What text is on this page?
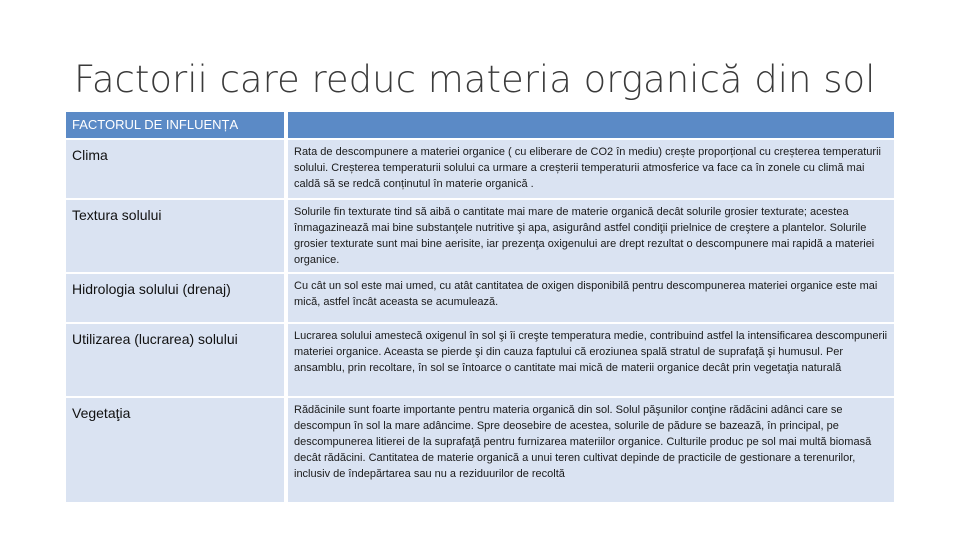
Factorii care reduc materia organică din sol
FACTORUL DE INFLUENȚA	
Clima	Rata de descompunere a materiei organice ( cu eliberare de CO2 în mediu) crește proporțional cu creșterea temperaturii solului. Creșterea temperaturii solului ca urmare a creșterii temperaturii atmosferice va face ca în zonele cu climă mai caldă să se redcă conținutul în materie organică .
Textura solului	Solurile fin texturate tind să aibă o cantitate mai mare de materie organică decât solurile grosier texturate; acestea înmagazinează mai bine substanţele nutritive şi apa, asigurând astfel condiţii prielnice de creştere a plantelor. Solurile grosier texturate sunt mai bine aerisite, iar prezenţa oxigenului are drept rezultat o descompunere mai rapidă a materiei organice.
Hidrologia solului (drenaj)	Cu cât un sol este mai umed, cu atât cantitatea de oxigen disponibilă pentru descompunerea materiei organice este mai mică, astfel încât aceasta se acumulează.
Utilizarea (lucrarea) solului	Lucrarea solului amestecă oxigenul în sol şi îi creşte temperatura medie, contribuind astfel la intensificarea descompunerii materiei organice. Aceasta se pierde şi din cauza faptului că eroziunea spală stratul de suprafaţă şi humusul. Per ansamblu, prin recoltare, în sol se întoarce o cantitate mai mică de materii organice decât prin vegetaţia naturală
Vegetaţia	Rădăcinile sunt foarte importante pentru materia organică din sol. Solul păşunilor conţine rădăcini adânci care se descompun în sol la mare adâncime. Spre deosebire de acestea, solurile de pădure se bazează, în principal, pe descompunerea litierei de la suprafaţă pentru furnizarea materiilor organice. Culturile produc pe sol mai multă biomasă decât rădăcini. Cantitatea de materie organică a unui teren cultivat depinde de practicile de gestionare a terenurilor, inclusiv de îndepărtarea sau nu a reziduurilor de recoltă
